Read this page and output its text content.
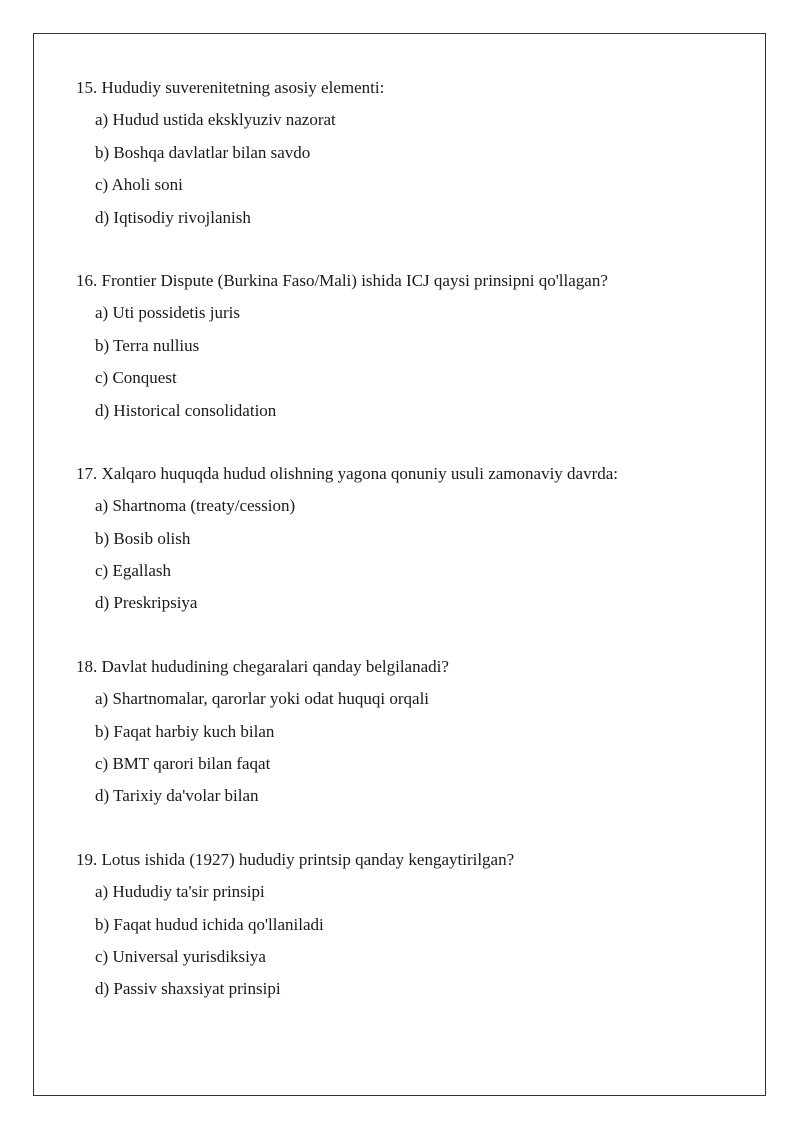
15. Hududiy suverenitetning asosiy elementi:
a) Hudud ustida eksklyuziv nazorat
b) Boshqa davlatlar bilan savdo
c) Aholi soni
d) Iqtisodiy rivojlanish
16. Frontier Dispute (Burkina Faso/Mali) ishida ICJ qaysi prinsipni qo'llagan?
a) Uti possidetis juris
b) Terra nullius
c) Conquest
d) Historical consolidation
17. Xalqaro huquqda hudud olishning yagona qonuniy usuli zamonaviy davrda:
a) Shartnoma (treaty/cession)
b) Bosib olish
c) Egallash
d) Preskripsiya
18. Davlat hududining chegaralari qanday belgilanadi?
a) Shartnomalar, qarorlar yoki odat huquqi orqali
b) Faqat harbiy kuch bilan
c) BMT qarori bilan faqat
d) Tarixiy da'volar bilan
19. Lotus ishida (1927) hududiy printsip qanday kengaytirilgan?
a) Hududiy ta'sir prinsipi
b) Faqat hudud ichida qo'llaniladi
c) Universal yurisdiksiya
d) Passiv shaxsiyat prinsipi
